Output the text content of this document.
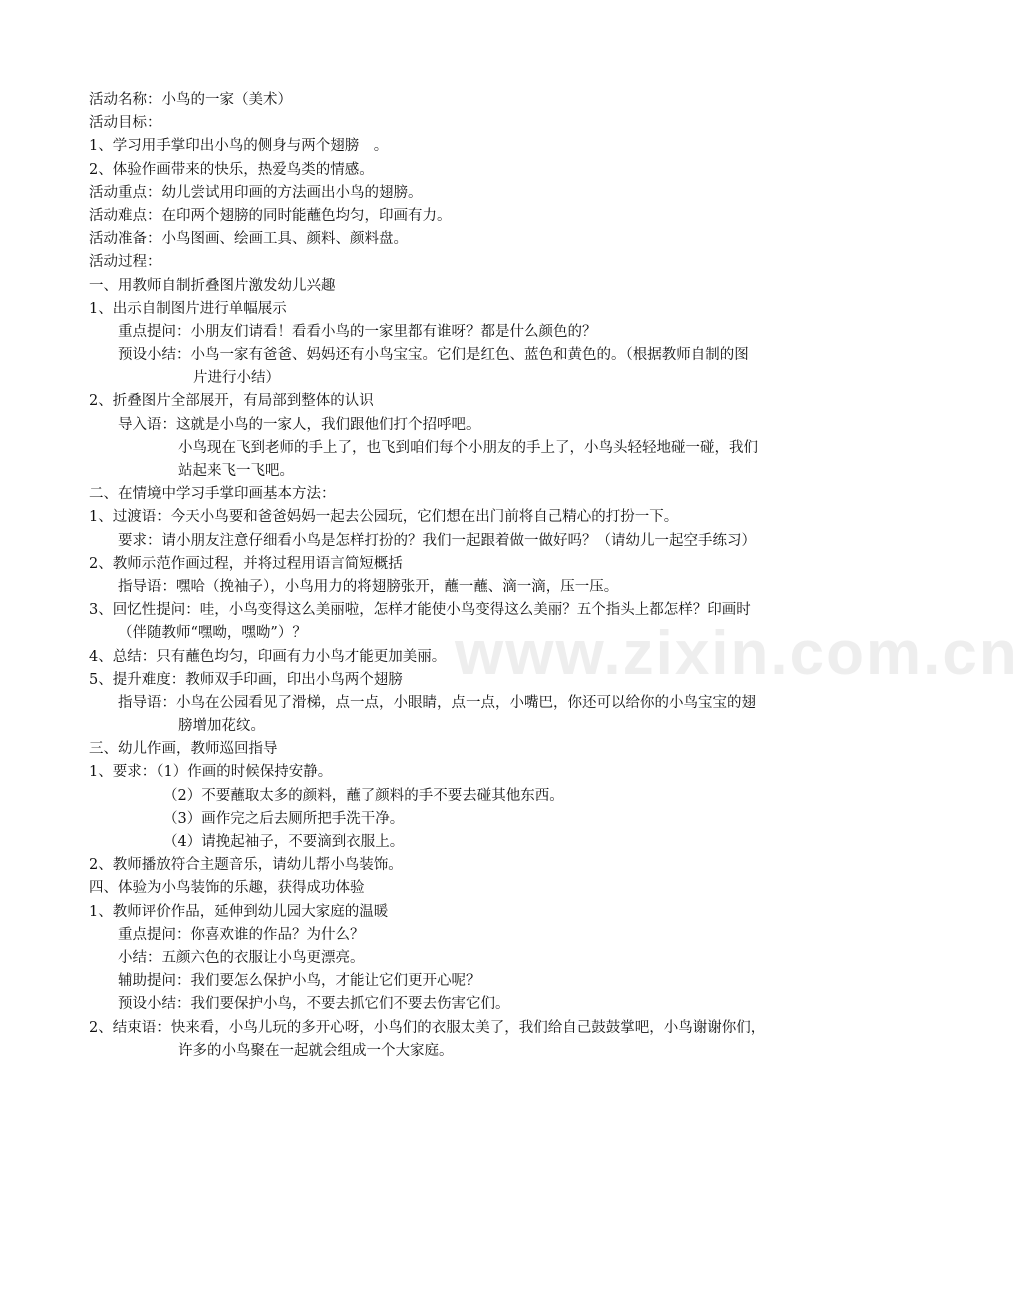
www.zixin.com.cn
活动名称：小鸟的一家（美术）
活动目标：
1、学习用手掌印出小鸟的侧身与两个翅膀　。
2、体验作画带来的快乐，热爱鸟类的情感。
活动重点：幼儿尝试用印画的方法画出小鸟的翅膀。
活动难点：在印两个翅膀的同时能蘸色均匀，印画有力。
活动准备：小鸟图画、绘画工具、颜料、颜料盘。
活动过程：
一、用教师自制折叠图片激发幼儿兴趣
1、出示自制图片进行单幅展示
重点提问：小朋友们请看！看看小鸟的一家里都有谁呀？都是什么颜色的？
预设小结：小鸟一家有爸爸、妈妈还有小鸟宝宝。它们是红色、蓝色和黄色的。（根据教师自制的图
片进行小结）
2、折叠图片全部展开，有局部到整体的认识
导入语：这就是小鸟的一家人，我们跟他们打个招呼吧。
小鸟现在飞到老师的手上了，也飞到咱们每个小朋友的手上了，小鸟头轻轻地碰一碰，我们
站起来飞一飞吧。
二、在情境中学习手掌印画基本方法：
1、过渡语：今天小鸟要和爸爸妈妈一起去公园玩，它们想在出门前将自己精心的打扮一下。
要求：请小朋友注意仔细看小鸟是怎样打扮的？我们一起跟着做一做好吗？（请幼儿一起空手练习）
2、教师示范作画过程，并将过程用语言简短概括
指导语：嘿哈（挽袖子），小鸟用力的将翅膀张开，蘸一蘸、滴一滴，压一压。
3、回忆性提问：哇，小鸟变得这么美丽啦，怎样才能使小鸟变得这么美丽？五个指头上都怎样？印画时
（伴随教师“嘿呦，嘿呦”）？
4、总结：只有蘸色均匀，印画有力小鸟才能更加美丽。
5、提升难度：教师双手印画，印出小鸟两个翅膀
指导语：小鸟在公园看见了滑梯，点一点，小眼睛，点一点，小嘴巴，你还可以给你的小鸟宝宝的翅
膀增加花纹。
三、幼儿作画，教师巡回指导
1、要求：（1）作画的时候保持安静。
（2）不要蘸取太多的颜料，蘸了颜料的手不要去碰其他东西。
（3）画作完之后去厕所把手洗干净。
（4）请挽起袖子，不要滴到衣服上。
2、教师播放符合主题音乐，请幼儿帮小鸟装饰。
四、体验为小鸟装饰的乐趣，获得成功体验
1、教师评价作品，延伸到幼儿园大家庭的温暖
重点提问：你喜欢谁的作品？为什么？
小结：五颜六色的衣服让小鸟更漂亮。
辅助提问：我们要怎么保护小鸟，才能让它们更开心呢？
预设小结：我们要保护小鸟，不要去抓它们不要去伤害它们。
2、结束语：快来看，小鸟儿玩的多开心呀，小鸟们的衣服太美了，我们给自己鼓鼓掌吧，小鸟谢谢你们，
许多的小鸟聚在一起就会组成一个大家庭。
